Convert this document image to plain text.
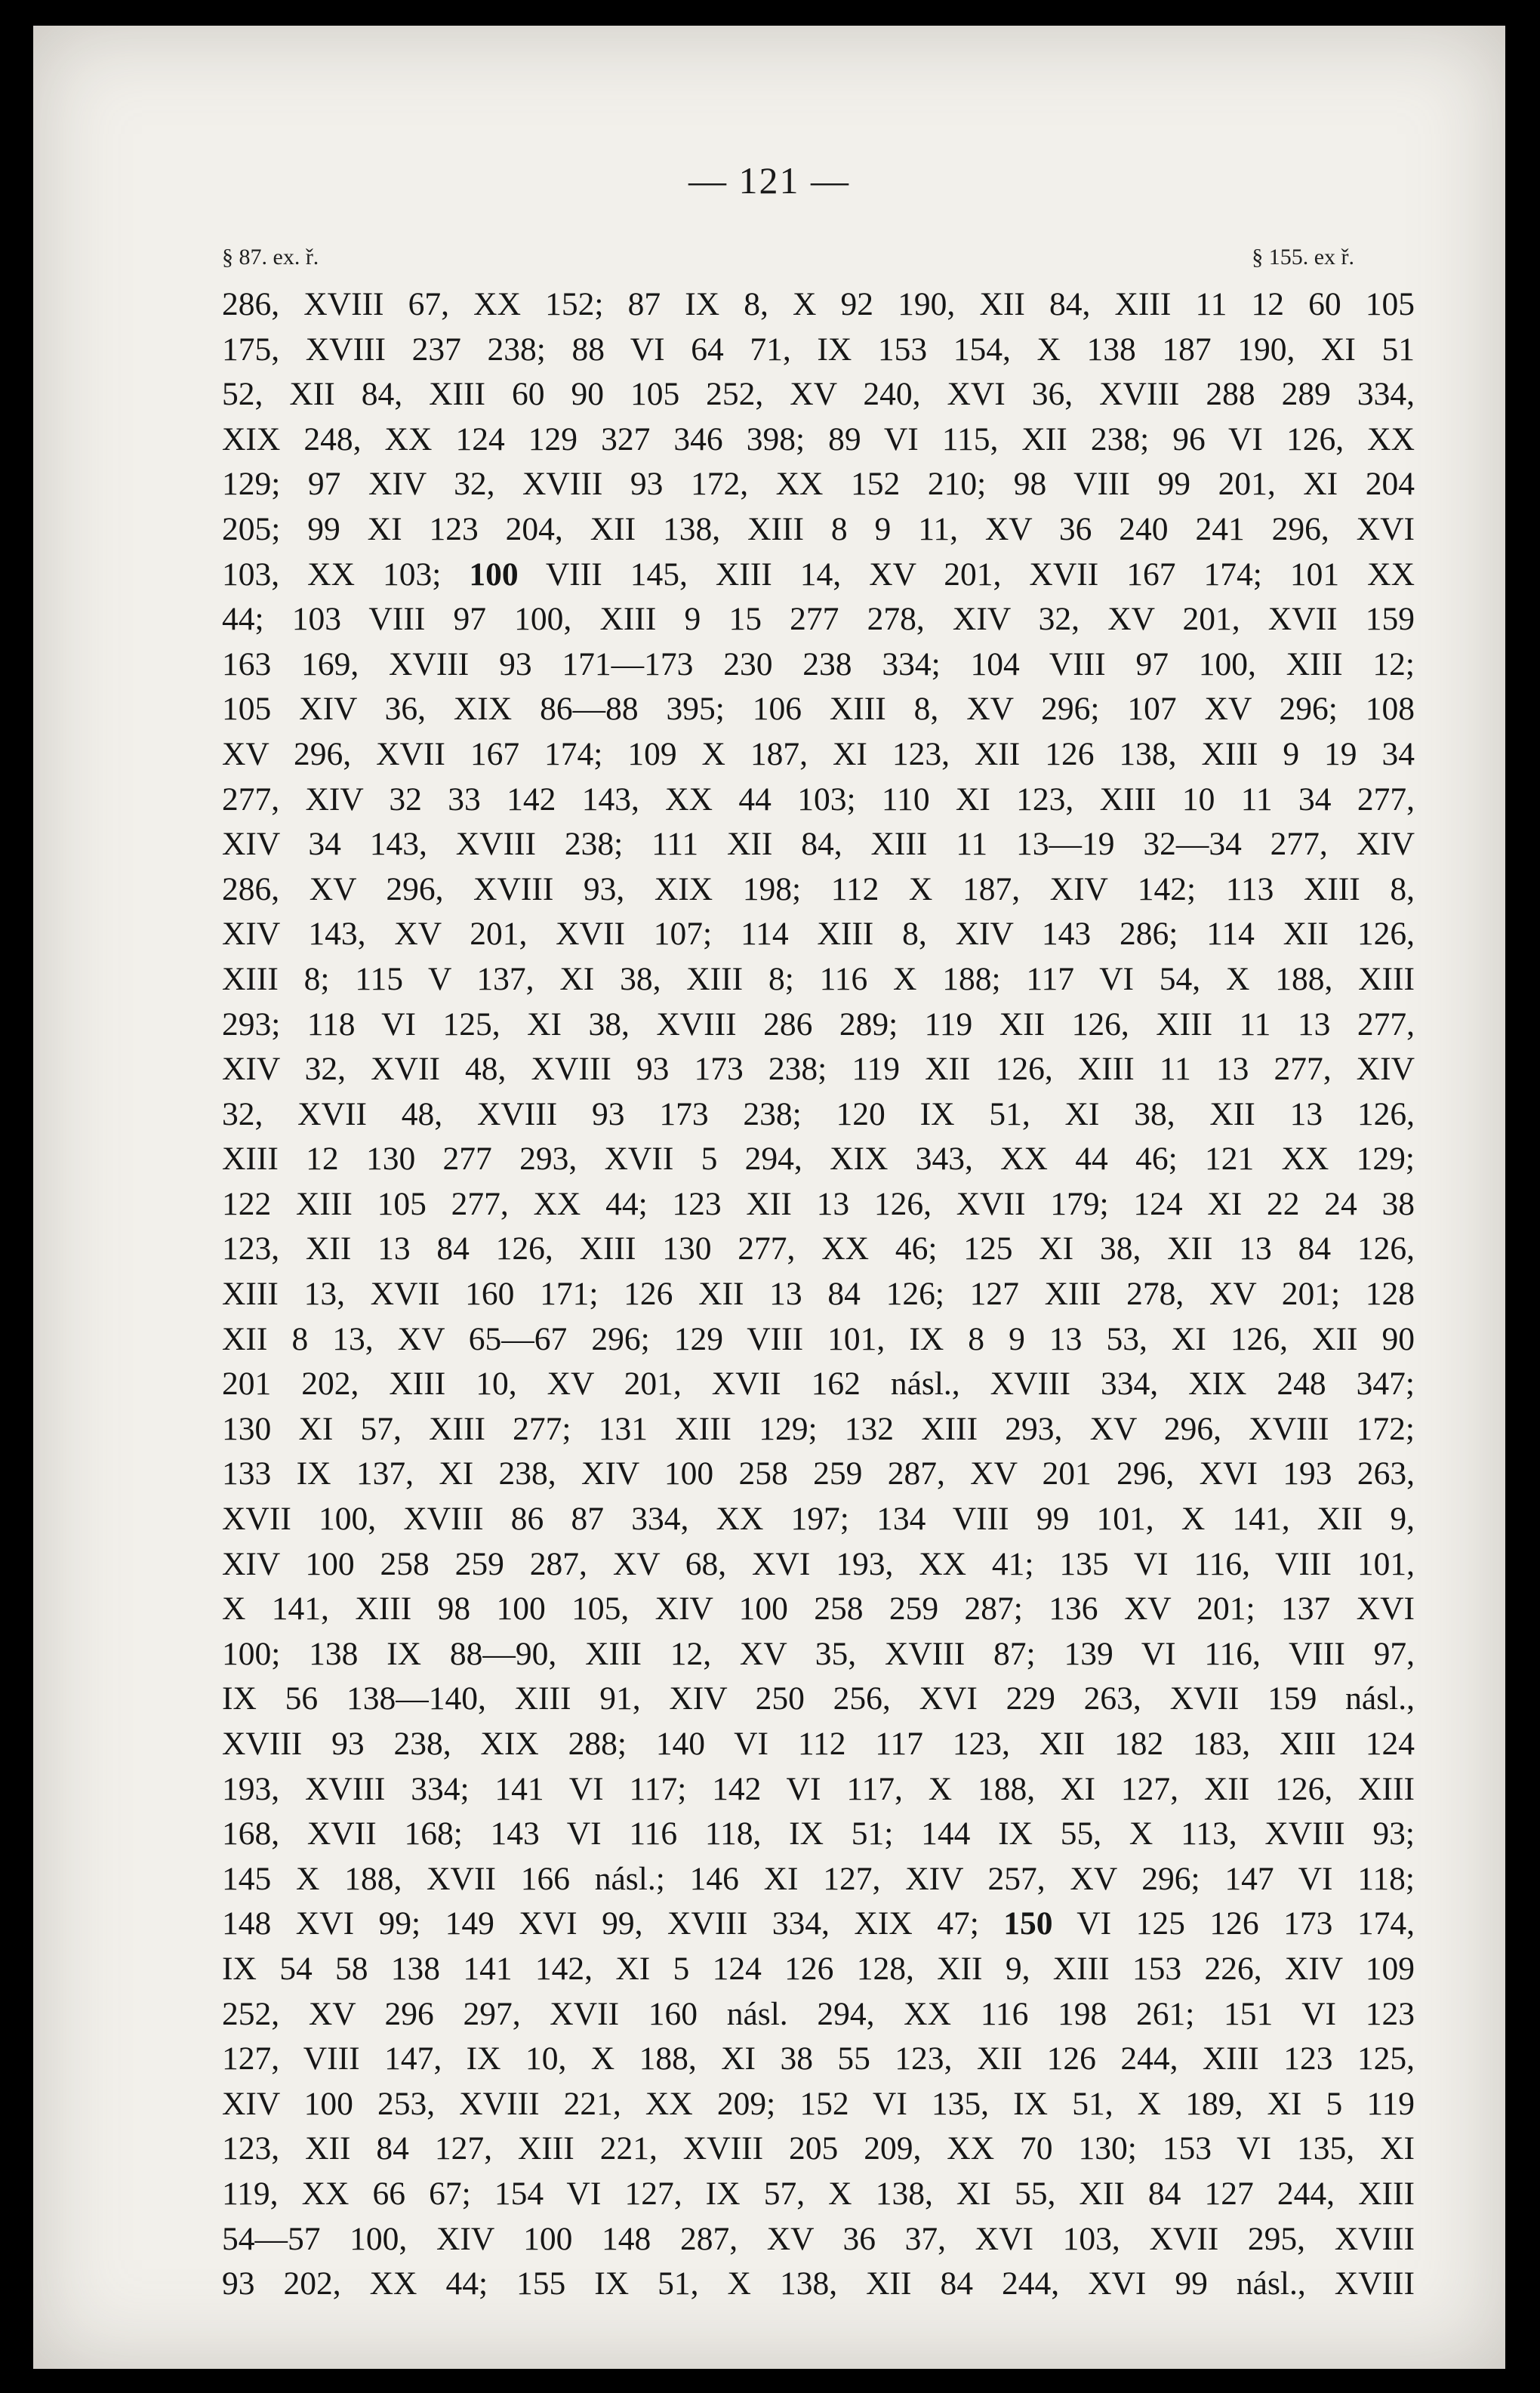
— 121 —
§ 87. ex. ř.	§ 155. ex ř.
286, XVIII 67, XX 152; 87 IX 8, X 92 190, XII 84, XIII 11 12 60 105
175, XVIII 237 238; 88 VI 64 71, IX 153 154, X 138 187 190, XI 51
52, XII 84, XIII 60 90 105 252, XV 240, XVI 36, XVIII 288 289 334,
XIX 248, XX 124 129 327 346 398; 89 VI 115, XII 238; 96 VI 126, XX
129; 97 XIV 32, XVIII 93 172, XX 152 210; 98 VIII 99 201, XI 204
205; 99 XI 123 204, XII 138, XIII 8 9 11, XV 36 240 241 296, XVI
103, XX 103; 100 VIII 145, XIII 14, XV 201, XVII 167 174; 101 XX
44; 103 VIII 97 100, XIII 9 15 277 278, XIV 32, XV 201, XVII 159
163 169, XVIII 93 171—173 230 238 334; 104 VIII 97 100, XIII 12;
105 XIV 36, XIX 86—88 395; 106 XIII 8, XV 296; 107 XV 296; 108
XV 296, XVII 167 174; 109 X 187, XI 123, XII 126 138, XIII 9 19 34
277, XIV 32 33 142 143, XX 44 103; 110 XI 123, XIII 10 11 34 277,
XIV 34 143, XVIII 238; 111 XII 84, XIII 11 13—19 32—34 277, XIV
286, XV 296, XVIII 93, XIX 198; 112 X 187, XIV 142; 113 XIII 8,
XIV 143, XV 201, XVII 107; 114 XIII 8, XIV 143 286; 114 XII 126,
XIII 8; 115 V 137, XI 38, XIII 8; 116 X 188; 117 VI 54, X 188, XIII
293; 118 VI 125, XI 38, XVIII 286 289; 119 XII 126, XIII 11 13 277,
XIV 32, XVII 48, XVIII 93 173 238; 119 XII 126, XIII 11 13 277, XIV
32, XVII 48, XVIII 93 173 238; 120 IX 51, XI 38, XII 13 126,
XIII 12 130 277 293, XVII 5 294, XIX 343, XX 44 46; 121 XX 129;
122 XIII 105 277, XX 44; 123 XII 13 126, XVII 179; 124 XI 22 24 38
123, XII 13 84 126, XIII 130 277, XX 46; 125 XI 38, XII 13 84 126,
XIII 13, XVII 160 171; 126 XII 13 84 126; 127 XIII 278, XV 201; 128
XII 8 13, XV 65—67 296; 129 VIII 101, IX 8 9 13 53, XI 126, XII 90
201 202, XIII 10, XV 201, XVII 162 násl., XVIII 334, XIX 248 347;
130 XI 57, XIII 277; 131 XIII 129; 132 XIII 293, XV 296, XVIII 172;
133 IX 137, XI 238, XIV 100 258 259 287, XV 201 296, XVI 193 263,
XVII 100, XVIII 86 87 334, XX 197; 134 VIII 99 101, X 141, XII 9,
XIV 100 258 259 287, XV 68, XVI 193, XX 41; 135 VI 116, VIII 101,
X 141, XIII 98 100 105, XIV 100 258 259 287; 136 XV 201; 137 XVI
100; 138 IX 88—90, XIII 12, XV 35, XVIII 87; 139 VI 116, VIII 97,
IX 56 138—140, XIII 91, XIV 250 256, XVI 229 263, XVII 159 násl.,
XVIII 93 238, XIX 288; 140 VI 112 117 123, XII 182 183, XIII 124
193, XVIII 334; 141 VI 117; 142 VI 117, X 188, XI 127, XII 126, XIII
168, XVII 168; 143 VI 116 118, IX 51; 144 IX 55, X 113, XVIII 93;
145 X 188, XVII 166 násl.; 146 XI 127, XIV 257, XV 296; 147 VI 118;
148 XVI 99; 149 XVI 99, XVIII 334, XIX 47; 150 VI 125 126 173 174,
IX 54 58 138 141 142, XI 5 124 126 128, XII 9, XIII 153 226, XIV 109
252, XV 296 297, XVII 160 násl. 294, XX 116 198 261; 151 VI 123
127, VIII 147, IX 10, X 188, XI 38 55 123, XII 126 244, XIII 123 125,
XIV 100 253, XVIII 221, XX 209; 152 VI 135, IX 51, X 189, XI 5 119
123, XII 84 127, XIII 221, XVIII 205 209, XX 70 130; 153 VI 135, XI
119, XX 66 67; 154 VI 127, IX 57, X 138, XI 55, XII 84 127 244, XIII
54—57 100, XIV 100 148 287, XV 36 37, XVI 103, XVII 295, XVIII
93 202, XX 44; 155 IX 51, X 138, XII 84 244, XVI 99 násl., XVIII
